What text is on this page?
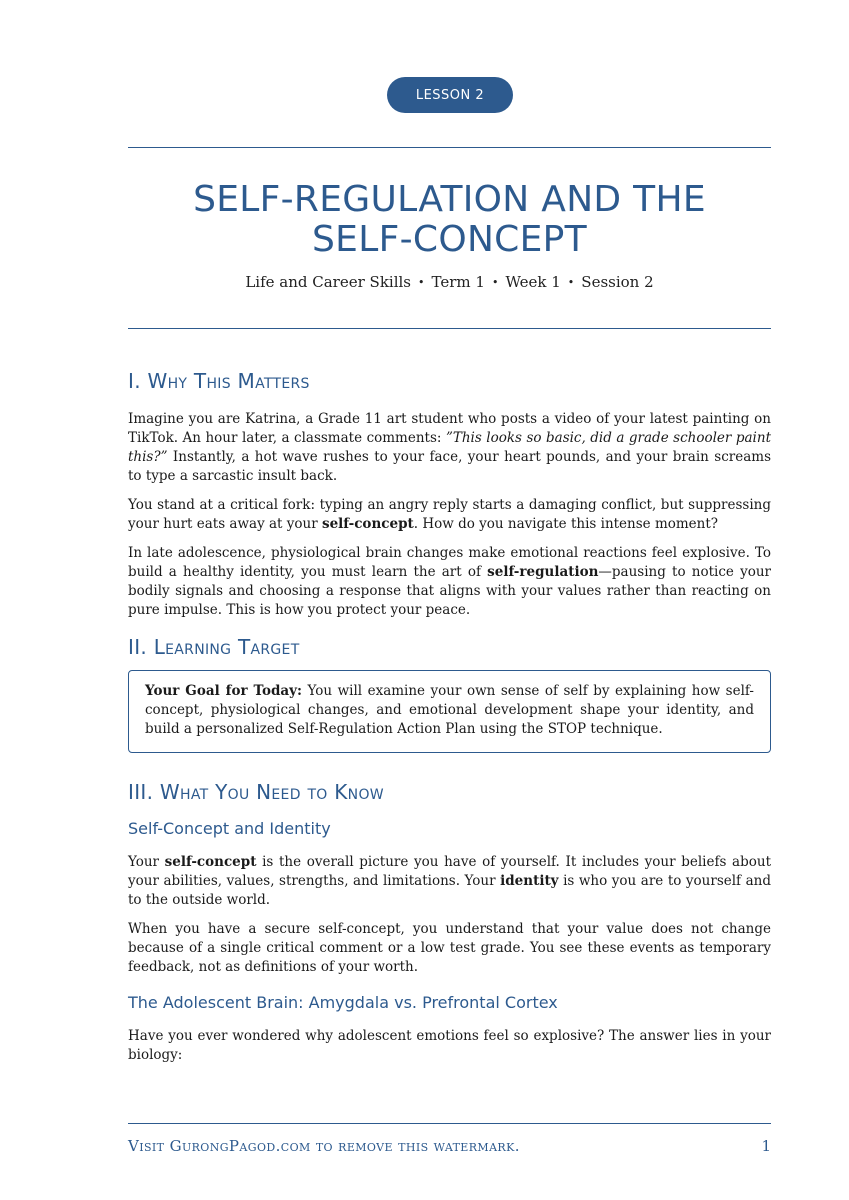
LESSON 2
SELF-REGULATION AND THE
SELF-CONCEPT
Life and Career Skills • Term 1 • Week 1 • Session 2
I. Why This Matters

Imagine you are Katrina, a Grade 11 art student who posts a video of your latest painting on TikTok. An hour later, a classmate comments: ”This looks so basic, did a grade schooler paint this?” Instantly, a hot wave rushes to your face, your heart pounds, and your brain screams to type a sarcastic insult back.

You stand at a critical fork: typing an angry reply starts a damaging conflict, but suppressing your hurt eats away at your self-concept. How do you navigate this intense moment?

In late adolescence, physiological brain changes make emotional reactions feel explosive. To build a healthy identity, you must learn the art of self-regulation—pausing to notice your bodily signals and choosing a response that aligns with your values rather than reacting on pure impulse. This is how you protect your peace.

II. Learning Target
Your Goal for Today: You will examine your own sense of self by explaining how self-concept, physiological changes, and emotional development shape your identity, and build a personalized Self-Regulation Action Plan using the STOP technique.
III. What You Need to Know
Self-Concept and Identity

Your self-concept is the overall picture you have of yourself. It includes your beliefs about your abilities, values, strengths, and limitations. Your identity is who you are to yourself and to the outside world.

When you have a secure self-concept, you understand that your value does not change because of a single critical comment or a low test grade. You see these events as temporary feedback, not as definitions of your worth.

The Adolescent Brain: Amygdala vs. Prefrontal Cortex

Have you ever wondered why adolescent emotions feel so explosive? The answer lies in your biology:

Visit GurongPagod.com to remove this watermark.	1
